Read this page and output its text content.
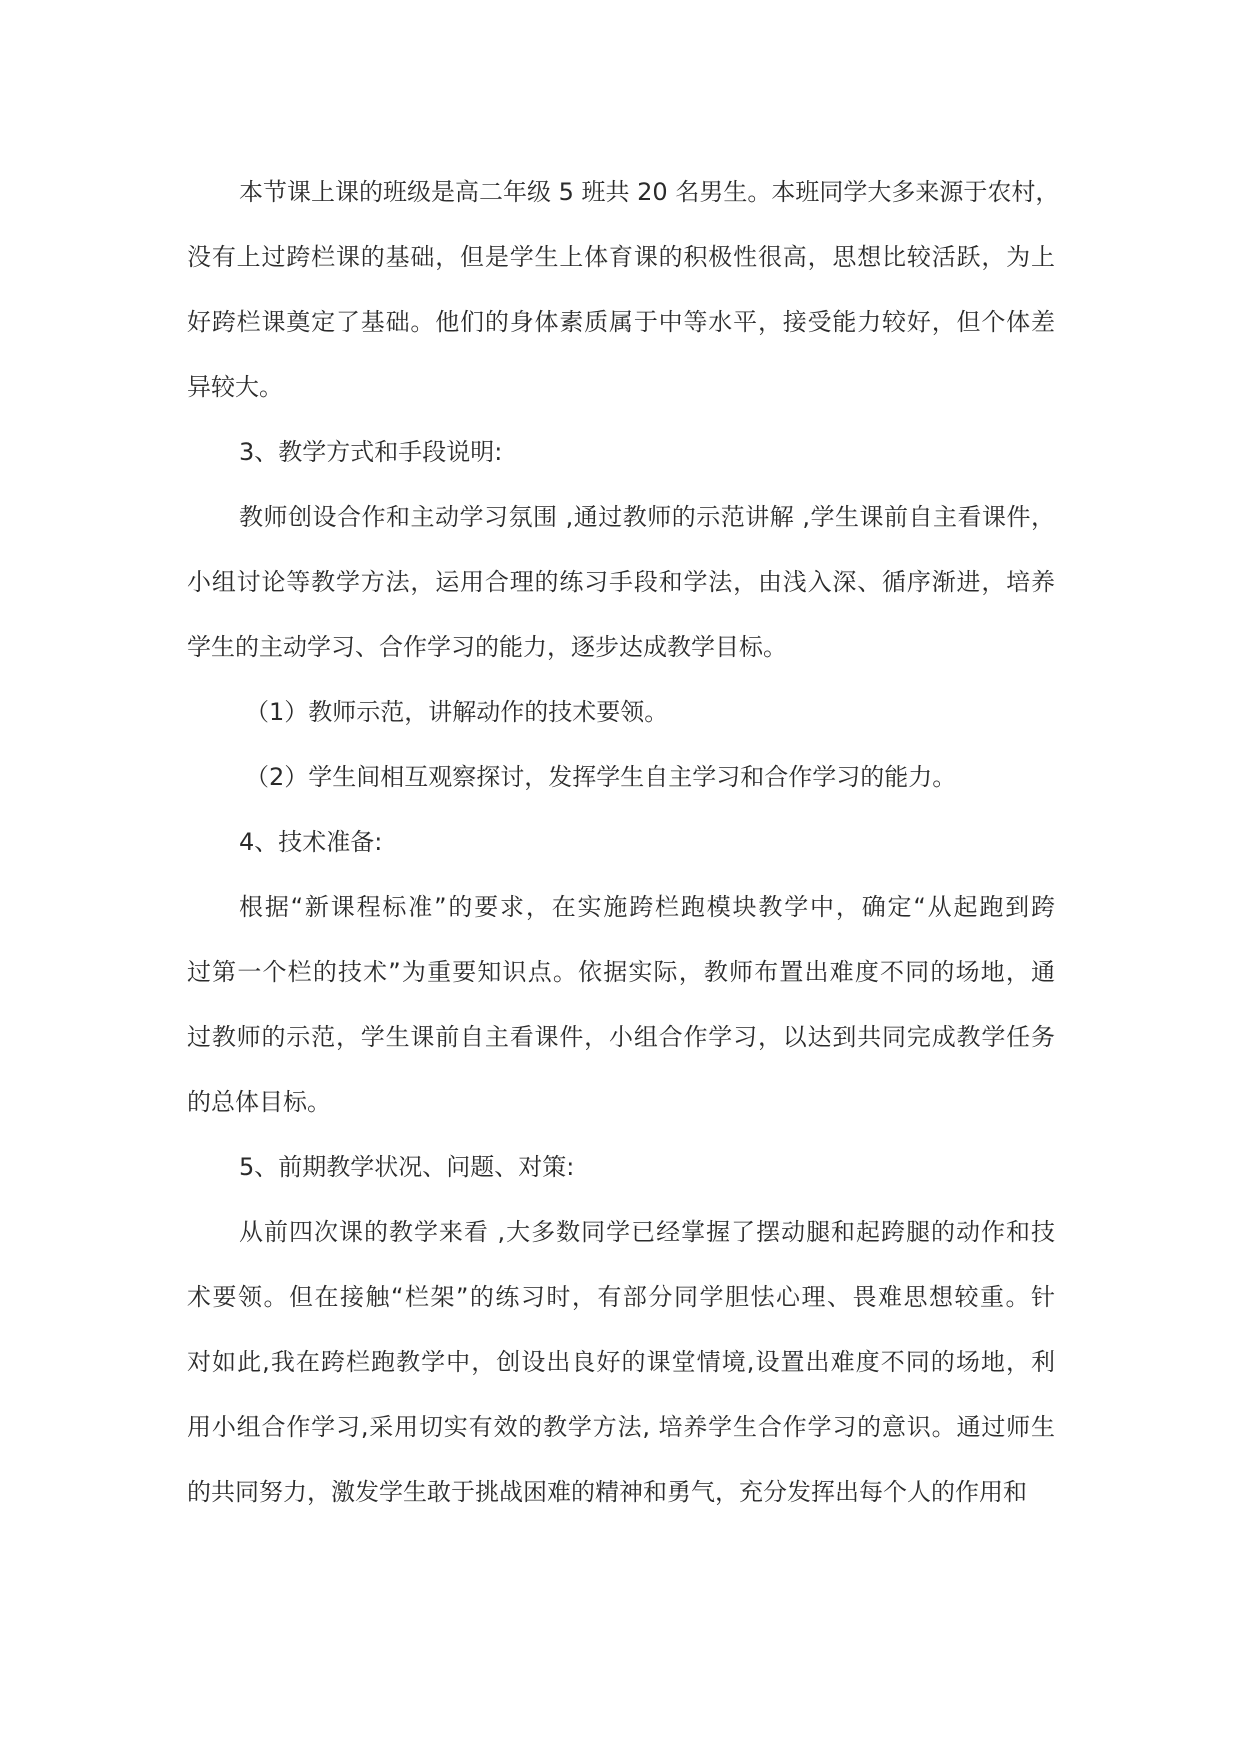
本节课上课的班级是高二年级 5 班共 20 名男生。本班同学大多来源于农村，
没有上过跨栏课的基础，但是学生上体育课的积极性很高，思想比较活跃，为上
好跨栏课奠定了基础。他们的身体素质属于中等水平，接受能力较好，但个体差
异较大。
3、教学方式和手段说明:
教师创设合作和主动学习氛围 ,通过教师的示范讲解 ,学生课前自主看课件，
小组讨论等教学方法，运用合理的练习手段和学法，由浅入深、循序渐进，培养
学生的主动学习、合作学习的能力，逐步达成教学目标。
（1）教师示范，讲解动作的技术要领。
（2）学生间相互观察探讨，发挥学生自主学习和合作学习的能力。
4、技术准备:
根据“新课程标准”的要求，在实施跨栏跑模块教学中，确定“从起跑到跨
过第一个栏的技术”为重要知识点。依据实际，教师布置出难度不同的场地，通
过教师的示范，学生课前自主看课件，小组合作学习，以达到共同完成教学任务
的总体目标。
5、前期教学状况、问题、对策:
从前四次课的教学来看 ,大多数同学已经掌握了摆动腿和起跨腿的动作和技
术要领。但在接触“栏架”的练习时，有部分同学胆怯心理、畏难思想较重。针
对如此,我在跨栏跑教学中，创设出良好的课堂情境,设置出难度不同的场地，利
用小组合作学习,采用切实有效的教学方法, 培养学生合作学习的意识。通过师生
的共同努力，激发学生敢于挑战困难的精神和勇气，充分发挥出每个人的作用和
